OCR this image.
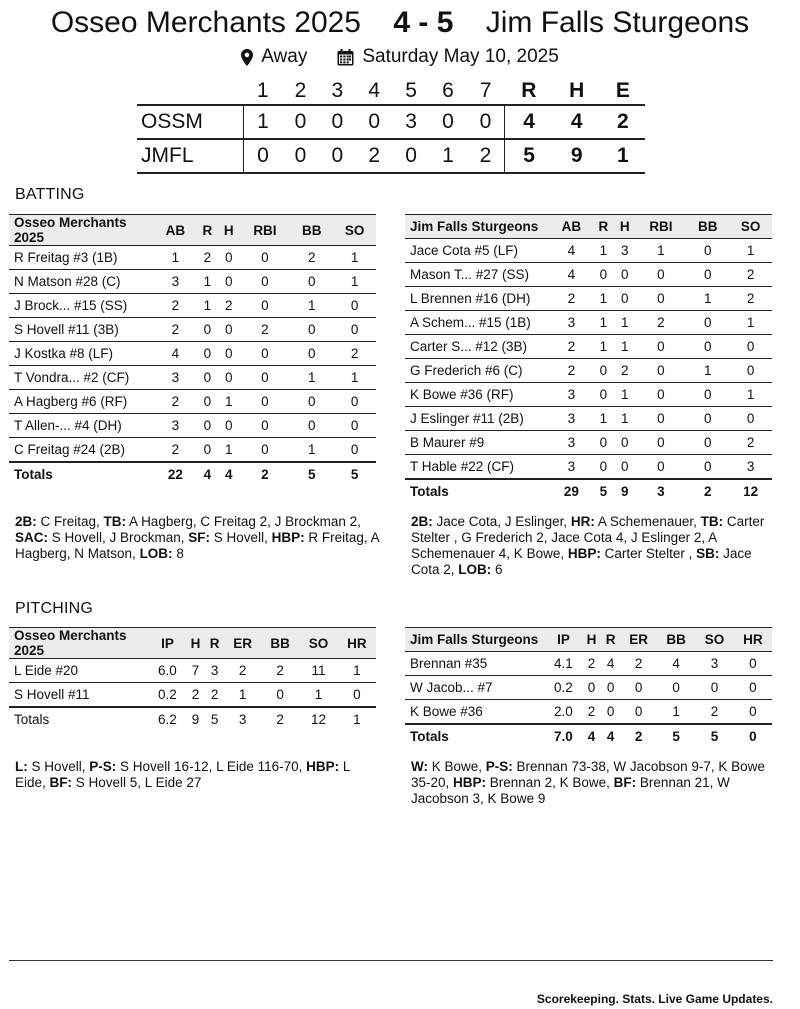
Osseo Merchants 2025 4 - 5 Jim Falls Sturgeons
Away	Saturday May 10, 2025
	1	2	3	4	5	6	7	R	H	E
OSSM	1	0	0	0	3	0	0	4	4	2
JMFL	0	0	0	2	0	1	2	5	9	1
BATTING
Osseo Merchants 2025	AB	R	H	RBI	BB	SO
R Freitag #3 (1B)	1	2	0	0	2	1
N Matson #28 (C)	3	1	0	0	0	1
J Brock... #15 (SS)	2	1	2	0	1	0
S Hovell #11 (3B)	2	0	0	2	0	0
J Kostka #8 (LF)	4	0	0	0	0	2
T Vondra... #2 (CF)	3	0	0	0	1	1
A Hagberg #6 (RF)	2	0	1	0	0	0
T Allen-... #4 (DH)	3	0	0	0	0	0
C Freitag #24 (2B)	2	0	1	0	1	0
Totals	22	4	4	2	5	5
Jim Falls Sturgeons	AB	R	H	RBI	BB	SO
Jace Cota #5 (LF)	4	1	3	1	0	1
Mason T... #27 (SS)	4	0	0	0	0	2
L Brennen #16 (DH)	2	1	0	0	1	2
A Schem... #15 (1B)	3	1	1	2	0	1
Carter S... #12 (3B)	2	1	1	0	0	0
G Frederich #6 (C)	2	0	2	0	1	0
K Bowe #36 (RF)	3	0	1	0	0	1
J Eslinger #11 (2B)	3	1	1	0	0	0
B Maurer #9	3	0	0	0	0	2
T Hable #22 (CF)	3	0	0	0	0	3
Totals	29	5	9	3	2	12
2B: C Freitag, TB: A Hagberg, C Freitag 2, J Brockman 2, SAC: S Hovell, J Brockman, SF: S Hovell, HBP: R Freitag, A Hagberg, N Matson, LOB: 8
2B: Jace Cota, J Eslinger, HR: A Schemenauer, TB: Carter Stelter , G Frederich 2, Jace Cota 4, J Eslinger 2, A Schemenauer 4, K Bowe, HBP: Carter Stelter , SB: Jace Cota 2, LOB: 6
PITCHING
Osseo Merchants 2025	IP	H	R	ER	BB	SO	HR
L Eide #20	6.0	7	3	2	2	11	1
S Hovell #11	0.2	2	2	1	0	1	0
Totals	6.2	9	5	3	2	12	1
Jim Falls Sturgeons	IP	H	R	ER	BB	SO	HR
Brennan #35	4.1	2	4	2	4	3	0
W Jacob... #7	0.2	0	0	0	0	0	0
K Bowe #36	2.0	2	0	0	1	2	0
Totals	7.0	4	4	2	5	5	0
L: S Hovell, P-S: S Hovell 16-12, L Eide 116-70, HBP: L Eide, BF: S Hovell 5, L Eide 27
W: K Bowe, P-S: Brennan 73-38, W Jacobson 9-7, K Bowe 35-20, HBP: Brennan 2, K Bowe, BF: Brennan 21, W Jacobson 3, K Bowe 9
Scorekeeping. Stats. Live Game Updates.
